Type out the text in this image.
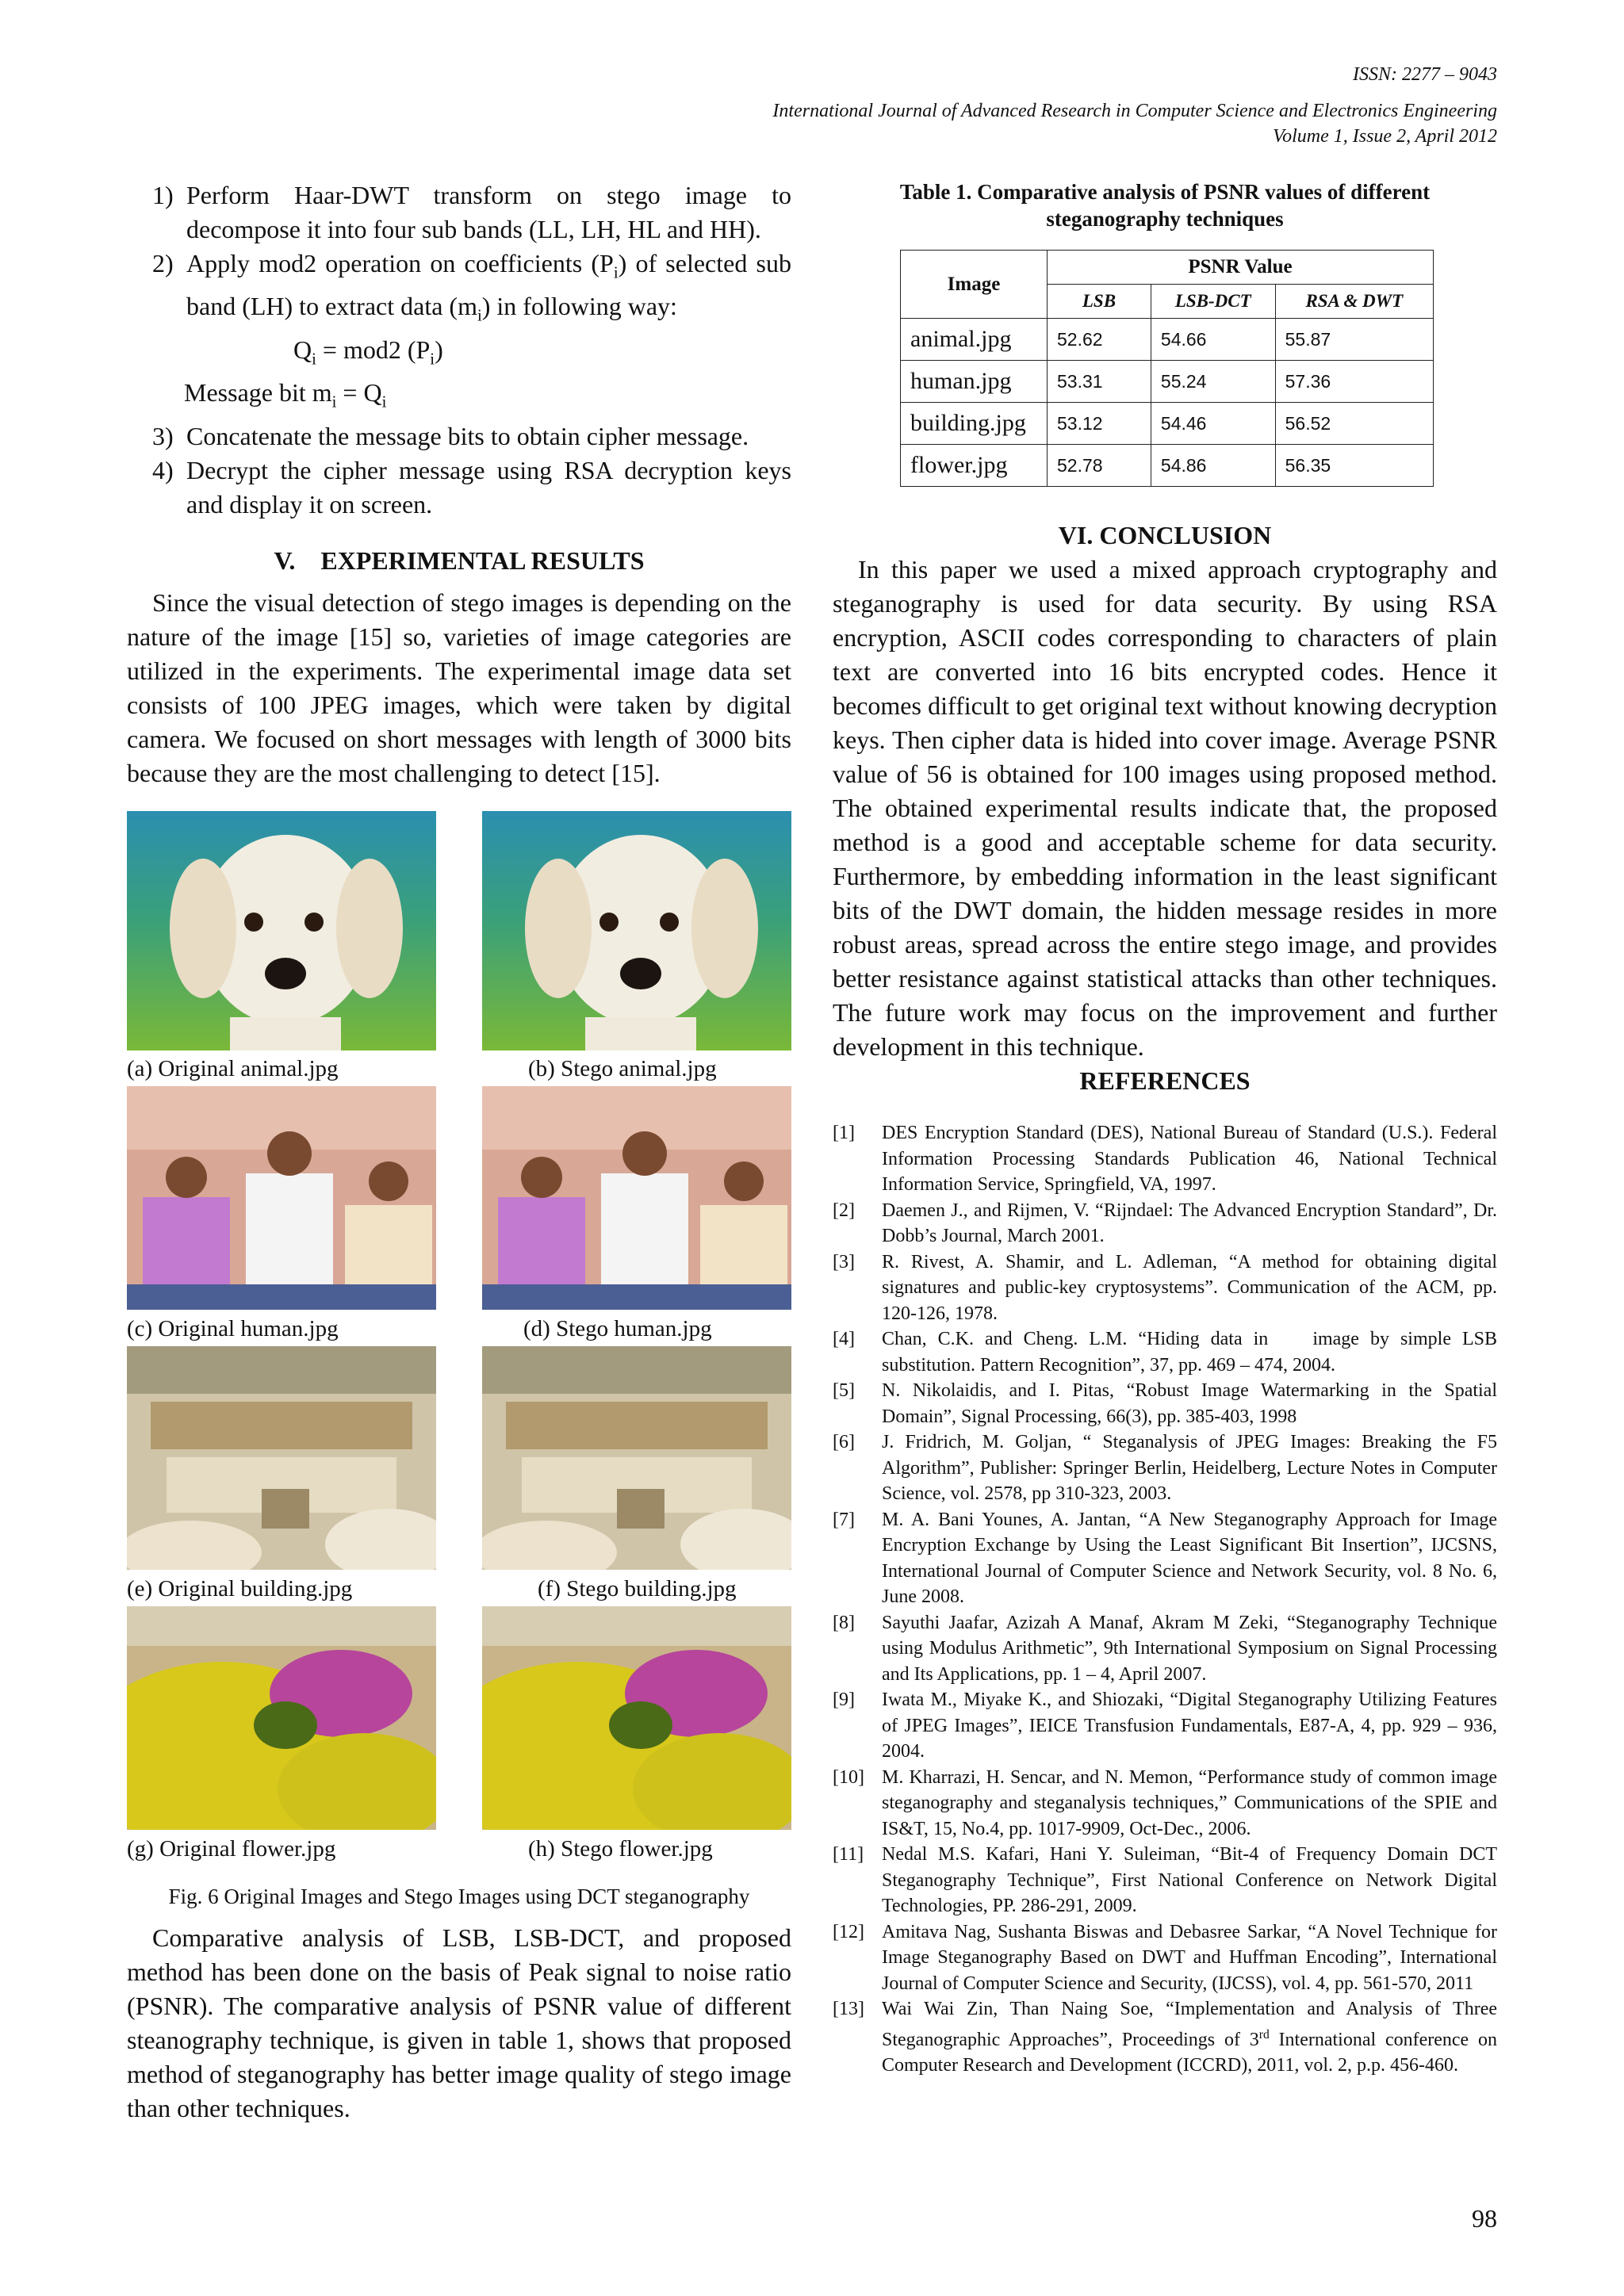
ISSN: 2277 – 9043
International Journal of Advanced Research in Computer Science and Electronics Engineering
Volume 1, Issue 2, April 2012
1) Perform Haar-DWT transform on stego image to decompose it into four sub bands (LL, LH, HL and HH).
2) Apply mod2 operation on coefficients $(P_i)$ of selected sub band (LH) to extract data $(m_i)$ in following way:
$Q_i = mod2$ $(P_i)$
Message bit $m_i = Q_i$
3) Concatenate the message bits to obtain cipher message.
4) Decrypt the cipher message using RSA decryption keys and display it on screen.
V.    EXPERIMENTAL RESULTS

Since the visual detection of stego images is depending on the nature of the image [15] so, varieties of image categories are utilized in the experiments. The experimental image data set consists of 100 JPEG images, which were taken by digital camera. We focused on short messages with length of 3000 bits because they are the most challenging to detect [15].

(a) Original animal.jpg	(b) Stego animal.jpg
(c) Original human.jpg	(d) Stego human.jpg
(e) Original building.jpg	(f) Stego building.jpg
(g) Original flower.jpg	(h) Stego flower.jpg
Fig. 6 Original Images and Stego Images using DCT steganography

Comparative analysis of LSB, LSB-DCT, and proposed method has been done on the basis of Peak signal to noise ratio (PSNR). The comparative analysis of PSNR value of different steanography technique, is given in table 1, shows that proposed method of steganography has better image quality of stego image than other techniques.

Table 1. Comparative analysis of PSNR values of different steganography techniques
Image	PSNR Value		
	LSB	LSB-DCT	RSA & DWT
animal.jpg	52.62	54.66	55.87
human.jpg	53.31	55.24	57.36
building.jpg	53.12	54.46	56.52
flower.jpg	52.78	54.86	56.35
VI. CONCLUSION

In this paper we used a mixed approach cryptography and steganography is used for data security. By using RSA encryption, ASCII codes corresponding to characters of plain text are converted into 16 bits encrypted codes. Hence it becomes difficult to get original text without knowing decryption keys. Then cipher data is hided into cover image. Average PSNR value of 56 is obtained for 100 images using proposed method. The obtained experimental results indicate that, the proposed method is a good and acceptable scheme for data security. Furthermore, by embedding information in the least significant bits of the DWT domain, the hidden message resides in more robust areas, spread across the entire stego image, and provides better resistance against statistical attacks than other techniques. The future work may focus on the improvement and further development in this technique.

REFERENCES

[1] DES Encryption Standard (DES), National Bureau of Standard (U.S.). Federal Information Processing Standards Publication 46, National Technical Information Service, Springfield, VA, 1997.

[2] Daemen J., and Rijmen, V. “Rijndael: The Advanced Encryption Standard”, Dr. Dobb’s Journal, March 2001.

[3] R. Rivest, A. Shamir, and L. Adleman, “A method for obtaining digital signatures and public-key cryptosystems”. Communication of the ACM, pp. 120-126, 1978.

[4] Chan, C.K. and Cheng. L.M. “Hiding data in    image by simple LSB substitution. Pattern Recognition”, 37, pp. 469 – 474, 2004.

[5] N. Nikolaidis, and I. Pitas, “Robust Image Watermarking in the Spatial Domain”, Signal Processing, 66(3), pp. 385-403, 1998

[6] J. Fridrich, M. Goljan, “ Steganalysis of JPEG Images: Breaking the F5 Algorithm”, Publisher: Springer Berlin, Heidelberg, Lecture Notes in Computer Science, vol. 2578, pp 310-323, 2003.

[7] M. A. Bani Younes, A. Jantan, “A New Steganography Approach for Image Encryption Exchange by Using the Least Significant Bit Insertion”, IJCSNS, International Journal of Computer Science and Network Security, vol. 8 No. 6, June 2008.

[8] Sayuthi Jaafar, Azizah A Manaf, Akram M Zeki, “Steganography Technique using Modulus Arithmetic”, 9th International Symposium on Signal Processing and Its Applications, pp. 1 – 4, April 2007.

[9] Iwata M., Miyake K., and Shiozaki, “Digital Steganography Utilizing Features of JPEG Images”, IEICE Transfusion Fundamentals, E87-A, 4, pp. 929 – 936, 2004.

[10] M. Kharrazi, H. Sencar, and N. Memon, “Performance study of common image steganography and steganalysis techniques,” Communications of the SPIE and IS&T, 15, No.4, pp. 1017-9909, Oct-Dec., 2006.

[11] Nedal M.S. Kafari, Hani Y. Suleiman, “Bit-4 of Frequency Domain DCT Steganography Technique”, First National Conference on Network Digital Technologies, PP. 286-291, 2009.

[12] Amitava Nag, Sushanta Biswas and Debasree Sarkar, “A Novel Technique for Image Steganography Based on DWT and Huffman Encoding”, International Journal of Computer Science and Security, (IJCSS), vol. 4, pp. 561-570, 2011

[13] Wai Wai Zin, Than Naing Soe, “Implementation and Analysis of Three Steganographic Approaches”, Proceedings of 3rd International conference on Computer Research and Development (ICCRD), 2011, vol. 2, p.p. 456-460.

98
